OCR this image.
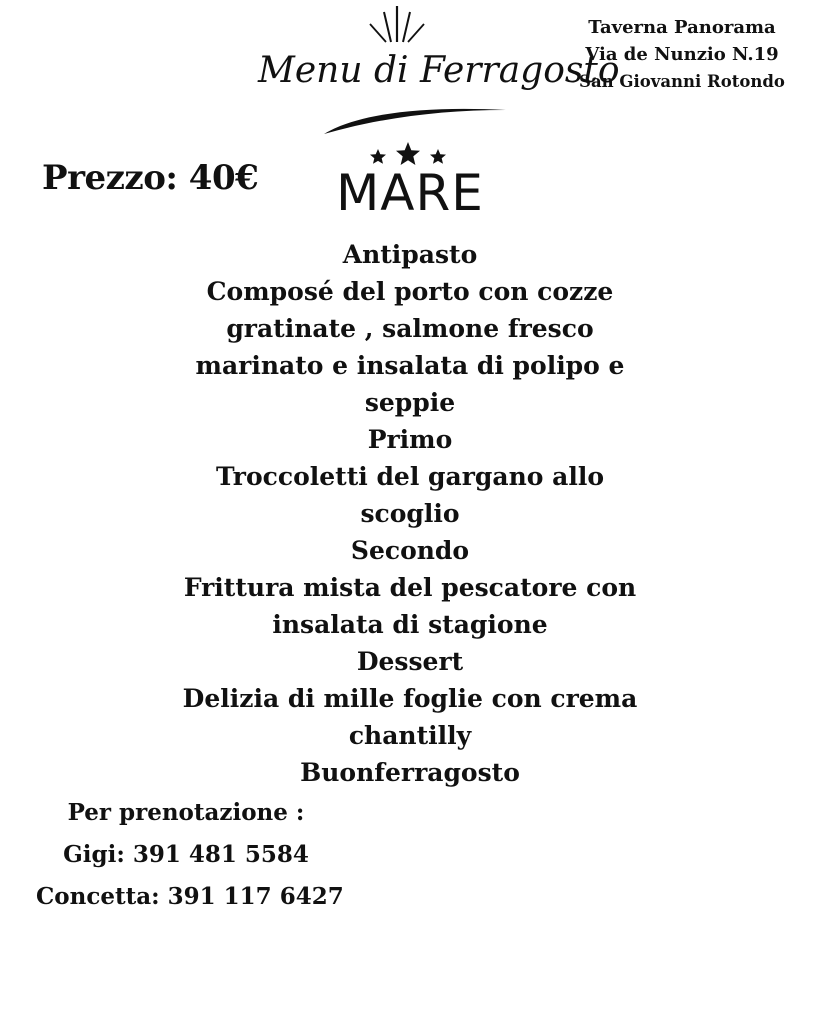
Menu di Ferragosto
Taverna Panorama
Via de Nunzio N.19
San Giovanni Rotondo
Prezzo: 40€ MARE
Antipasto
Composé del porto con cozze
gratinate , salmone fresco
marinato e insalata di polipo e
seppie
Primo
Troccoletti del gargano allo
scoglio
Secondo
Frittura mista del pescatore con
insalata di stagione
Dessert
Delizia di mille foglie con crema
chantilly
Buonferragosto
Per prenotazione :
Gigi: 391 481 5584
Concetta: 391 117 6427
